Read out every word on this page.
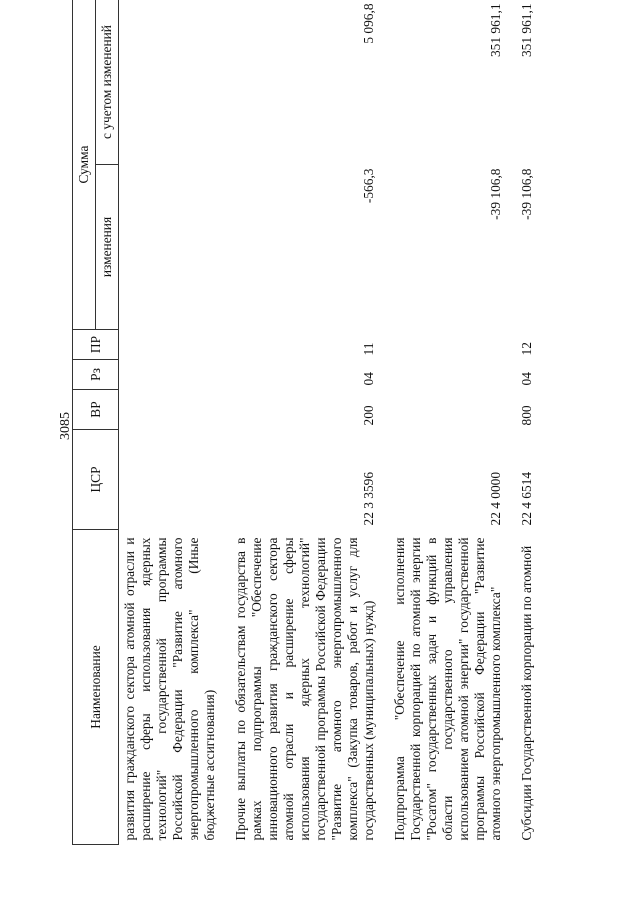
3085
Наименование	ЦСР	ВР	Рз	ПР	Сумма	
					изменения	с учетом изменений
развития гражданского сектора атомной отрасли и расширение сферы использования ядерных технологий" государственной программы Российской Федерации "Развитие атомного энергопромышленного комплекса" (Иные бюджетные ассигнования)						
Прочие выплаты по обязательствам государства в рамках подпрограммы "Обеспечение инновационного развития гражданского сектора атомной отрасли и расширение сферы использования ядерных технологий" государственной программы Российской Федерации "Развитие атомного энергопромышленного комплекса" (Закупка товаров, работ и услуг для государственных (муниципальных) нужд)	22 3 3596	200	04	11	-566,3	5 096,8
Подпрограмма "Обеспечение исполнения Государственной корпорацией по атомной энергии "Росатом" государственных задач и функций в области государственного управления использованием атомной энергии" государственной программы Российской Федерации "Развитие атомного энергопромышленного комплекса"	22 4 0000				-39 106,8	351 961,1
Субсидии Государственной корпорации по атомной	22 4 6514	800	04	12	-39 106,8	351 961,1
